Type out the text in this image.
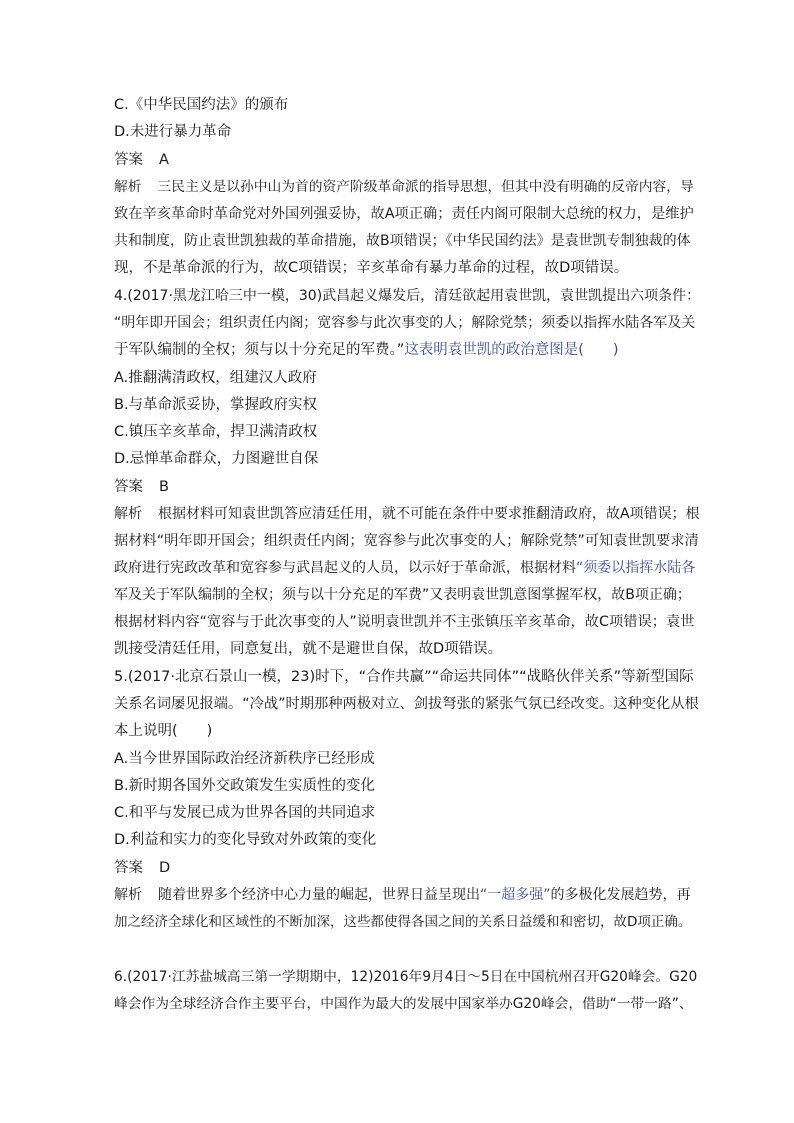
C.《中华民国约法》的颁布
D.未进行暴力革命
答案 A
解析 三民主义是以孙中山为首的资产阶级革命派的指导思想，但其中没有明确的反帝内容，导
致在辛亥革命时革命党对外国列强妥协，故A项正确；责任内阁可限制大总统的权力，是维护
共和制度，防止袁世凯独裁的革命措施，故B项错误；《中华民国约法》是袁世凯专制独裁的体
现，不是革命派的行为，故C项错误；辛亥革命有暴力革命的过程，故D项错误。
4.(2017·黑龙江哈三中一模，30)武昌起义爆发后，清廷欲起用袁世凯，袁世凯提出六项条件：
“明年即开国会；组织责任内阁；宽容参与此次事变的人；解除党禁；须委以指挥水陆各军及关
于军队编制的全权；须与以十分充足的军费。”这表明袁世凯的政治意图是(　　)
A.推翻满清政权，组建汉人政府
B.与革命派妥协，掌握政府实权
C.镇压辛亥革命，捍卫满清政权
D.忌惮革命群众，力图避世自保
答案 B
解析 根据材料可知袁世凯答应清廷任用，就不可能在条件中要求推翻清政府，故A项错误；根
据材料“明年即开国会；组织责任内阁；宽容参与此次事变的人；解除党禁”可知袁世凯要求清
政府进行宪政改革和宽容参与武昌起义的人员，以示好于革命派，根据材料“须委以指挥水陆各
军及关于军队编制的全权；须与以十分充足的军费”又表明袁世凯意图掌握军权，故B项正确；
根据材料内容“宽容与于此次事变的人”说明袁世凯并不主张镇压辛亥革命，故C项错误；袁世
凯接受清廷任用，同意复出，就不是避世自保，故D项错误。
5.(2017·北京石景山一模，23)时下，“合作共赢”“命运共同体”“战略伙伴关系”等新型国际
关系名词屡见报端。“冷战”时期那种两极对立、剑拔弩张的紧张气氛已经改变。这种变化从根
本上说明(　　)
A.当今世界国际政治经济新秩序已经形成
B.新时期各国外交政策发生实质性的变化
C.和平与发展已成为世界各国的共同追求
D.利益和实力的变化导致对外政策的变化
答案 D
解析 随着世界多个经济中心力量的崛起，世界日益呈现出“一超多强”的多极化发展趋势，再
加之经济全球化和区域性的不断加深，这些都使得各国之间的关系日益缓和和密切，故D项正确。
6.(2017·江苏盐城高三第一学期期中，12)2016年9月4日～5日在中国杭州召开G20峰会。G20
峰会作为全球经济合作主要平台，中国作为最大的发展中国家举办G20峰会，借助“一带一路”、
